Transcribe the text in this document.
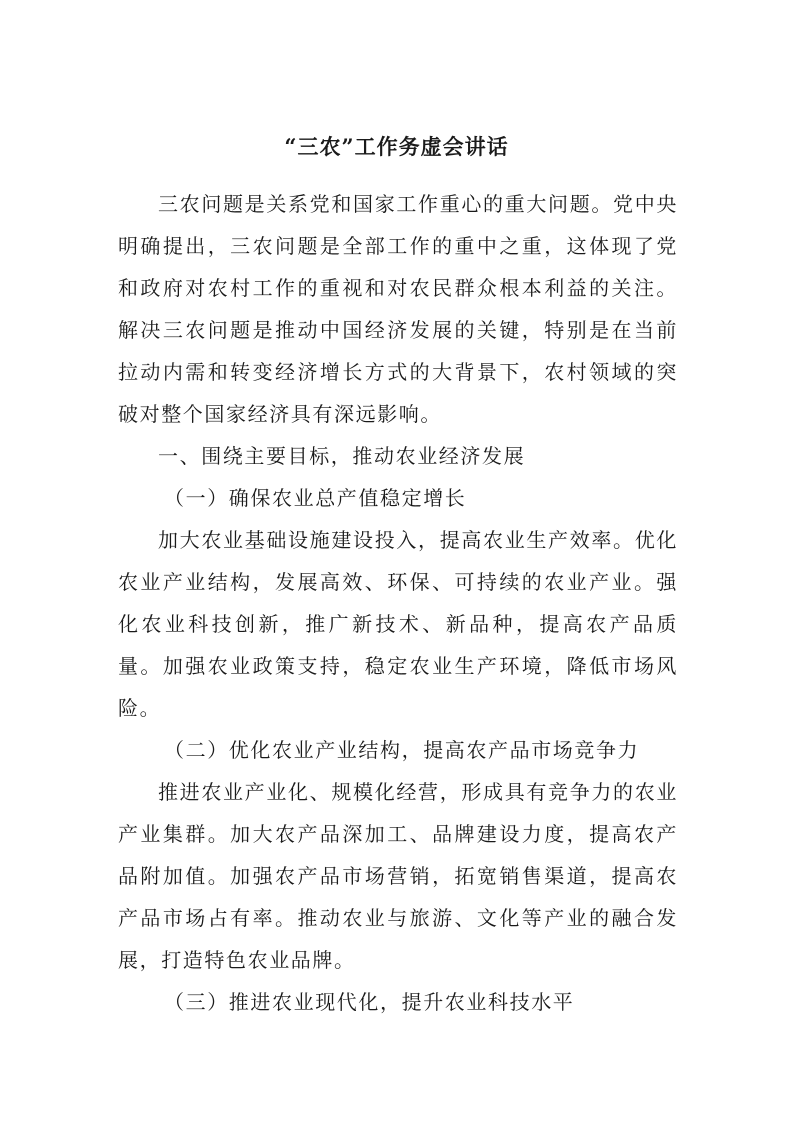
“三农”工作务虚会讲话

三农问题是关系党和国家工作重心的重大问题。党中央明确提出，三农问题是全部工作的重中之重，这体现了党和政府对农村工作的重视和对农民群众根本利益的关注。解决三农问题是推动中国经济发展的关键，特别是在当前拉动内需和转变经济增长方式的大背景下，农村领域的突破对整个国家经济具有深远影响。

一、围绕主要目标，推动农业经济发展

（一）确保农业总产值稳定增长

加大农业基础设施建设投入，提高农业生产效率。优化农业产业结构，发展高效、环保、可持续的农业产业。强化农业科技创新，推广新技术、新品种，提高农产品质量。加强农业政策支持，稳定农业生产环境，降低市场风险。

（二）优化农业产业结构，提高农产品市场竞争力

推进农业产业化、规模化经营，形成具有竞争力的农业产业集群。加大农产品深加工、品牌建设力度，提高农产品附加值。加强农产品市场营销，拓宽销售渠道，提高农产品市场占有率。推动农业与旅游、文化等产业的融合发展，打造特色农业品牌。

（三）推进农业现代化，提升农业科技水平
